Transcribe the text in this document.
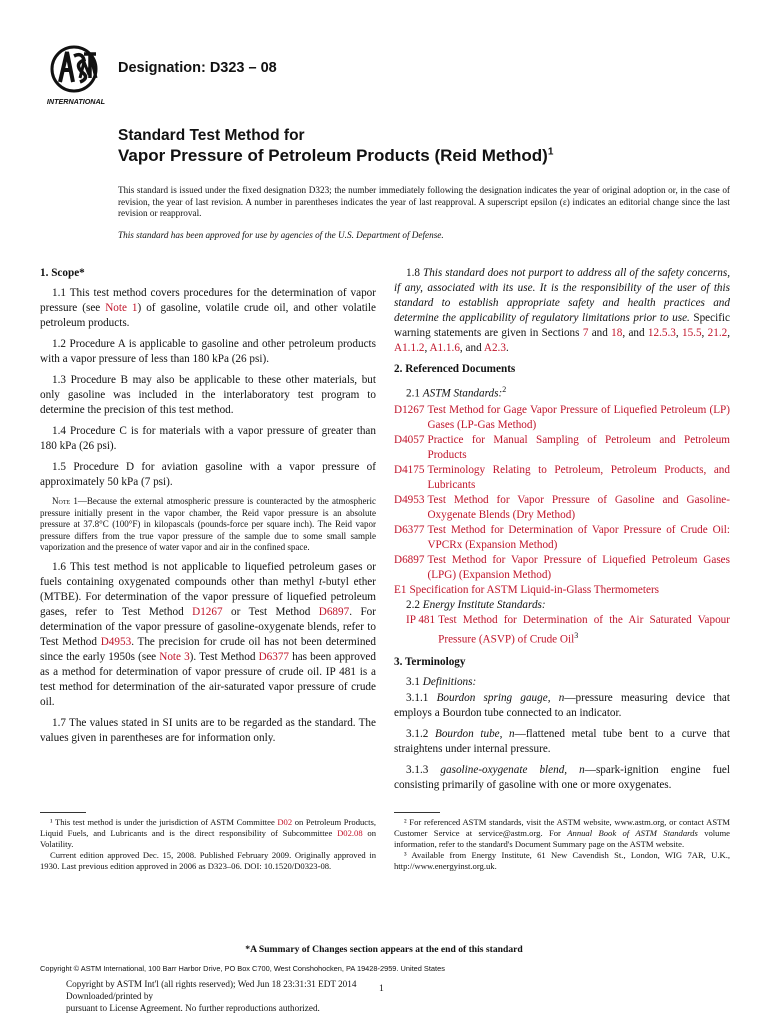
INTERNATIONAL
Designation: D323 – 08
Standard Test Method for
Vapor Pressure of Petroleum Products (Reid Method)$^1$
This standard is issued under the fixed designation D323; the number immediately following the designation indicates the year of original adoption or, in the case of revision, the year of last revision. A number in parentheses indicates the year of last reapproval. A superscript epsilon (ε) indicates an editorial change since the last revision or reapproval.
This standard has been approved for use by agencies of the U.S. Department of Defense.
1. Scope*

1.1 This test method covers procedures for the determination of vapor pressure (see Note 1) of gasoline, volatile crude oil, and other volatile petroleum products.

1.2 Procedure A is applicable to gasoline and other petroleum products with a vapor pressure of less than 180 kPa (26 psi).

1.3 Procedure B may also be applicable to these other materials, but only gasoline was included in the interlaboratory test program to determine the precision of this test method.

1.4 Procedure C is for materials with a vapor pressure of greater than 180 kPa (26 psi).

1.5 Procedure D for aviation gasoline with a vapor pressure of approximately 50 kPa (7 psi).

Note 1—Because the external atmospheric pressure is counteracted by the atmospheric pressure initially present in the vapor chamber, the Reid vapor pressure is an absolute pressure at 37.8°C (100°F) in kilopascals (pounds-force per square inch). The Reid vapor pressure differs from the true vapor pressure of the sample due to some small sample vaporization and the presence of water vapor and air in the confined space.

1.6 This test method is not applicable to liquefied petroleum gases or fuels containing oxygenated compounds other than methyl t-butyl ether (MTBE). For determination of the vapor pressure of liquefied petroleum gases, refer to Test Method D1267 or Test Method D6897. For determination of the vapor pressure of gasoline-oxygenate blends, refer to Test Method D4953. The precision for crude oil has not been determined since the early 1950s (see Note 3). Test Method D6377 has been approved as a method for determination of vapor pressure of crude oil. IP 481 is a test method for determination of the air-saturated vapor pressure of crude oil.

1.7 The values stated in SI units are to be regarded as the standard. The values given in parentheses are for information only.

1.8 This standard does not purport to address all of the safety concerns, if any, associated with its use. It is the responsibility of the user of this standard to establish appropriate safety and health practices and determine the applicability of regulatory limitations prior to use. Specific warning statements are given in Sections 7 and 18, and 12.5.3, 15.5, 21.2, A1.1.2, A1.1.6, and A2.3.

2. Referenced Documents

2.1 ASTM Standards:$^2$

D1267 Test Method for Gage Vapor Pressure of Liquefied Petroleum (LP) Gases (LP-Gas Method)
D4057 Practice for Manual Sampling of Petroleum and Petroleum Products
D4175 Terminology Relating to Petroleum, Petroleum Products, and Lubricants
D4953 Test Method for Vapor Pressure of Gasoline and Gasoline-Oxygenate Blends (Dry Method)
D6377 Test Method for Determination of Vapor Pressure of Crude Oil: VPCRx (Expansion Method)
D6897 Test Method for Vapor Pressure of Liquefied Petroleum Gases (LPG) (Expansion Method)
E1 Specification for ASTM Liquid-in-Glass Thermometers

2.2 Energy Institute Standards:

IP 481 Test Method for Determination of the Air Saturated Vapour Pressure (ASVP) of Crude Oil$^3$
3. Terminology

3.1 Definitions:

3.1.1 Bourdon spring gauge, n—pressure measuring device that employs a Bourdon tube connected to an indicator.

3.1.2 Bourdon tube, n—flattened metal tube bent to a curve that straightens under internal pressure.

3.1.3 gasoline-oxygenate blend, n—spark-ignition engine fuel consisting primarily of gasoline with one or more oxygenates.

¹ This test method is under the jurisdiction of ASTM Committee D02 on Petroleum Products, Liquid Fuels, and Lubricants and is the direct responsibility of Subcommittee D02.08 on Volatility.

Current edition approved Dec. 15, 2008. Published February 2009. Originally approved in 1930. Last previous edition approved in 2006 as D323–06. DOI: 10.1520/D0323-08.

² For referenced ASTM standards, visit the ASTM website, www.astm.org, or contact ASTM Customer Service at service@astm.org. For Annual Book of ASTM Standards volume information, refer to the standard's Document Summary page on the ASTM website.

³ Available from Energy Institute, 61 New Cavendish St., London, WIG 7AR, U.K., http://www.energyinst.org.uk.

*A Summary of Changes section appears at the end of this standard
Copyright © ASTM International, 100 Barr Harbor Drive, PO Box C700, West Conshohocken, PA 19428-2959. United States
Copyright by ASTM Int'l (all rights reserved); Wed Jun 18 23:31:31 EDT 2014
Downloaded/printed by
pursuant to License Agreement. No further reproductions authorized.
1
